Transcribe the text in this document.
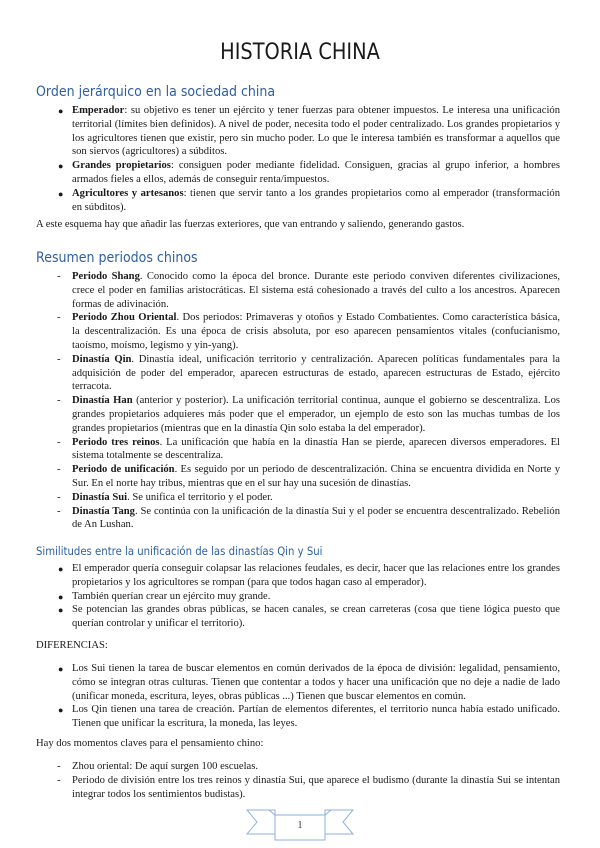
HISTORIA CHINA
Orden jerárquico en la sociedad china
● Emperador: su objetivo es tener un ejército y tener fuerzas para obtener impuestos. Le interesa una unificación territorial (límites bien definidos). A nivel de poder, necesita todo el poder centralizado. Los grandes propietarios y los agricultores tienen que existir, pero sin mucho poder. Lo que le interesa también es transformar a aquellos que son siervos (agricultores) a súbditos.
● Grandes propietarios: consiguen poder mediante fidelidad. Consiguen, gracias al grupo inferior, a hombres armados fieles a ellos, además de conseguir renta/impuestos.
● Agricultores y artesanos: tienen que servir tanto a los grandes propietarios como al emperador (transformación en súbditos).

A este esquema hay que añadir las fuerzas exteriores, que van entrando y saliendo, generando gastos.

Resumen periodos chinos
- Periodo Shang. Conocido como la época del bronce. Durante este periodo conviven diferentes civilizaciones, crece el poder en familias aristocráticas. El sistema está cohesionado a través del culto a los ancestros. Aparecen formas de adivinación.
- Periodo Zhou Oriental. Dos periodos: Primaveras y otoños y Estado Combatientes. Como característica básica, la descentralización. Es una época de crisis absoluta, por eso aparecen pensamientos vitales (confucianismo, taoísmo, moísmo, legismo y yin-yang).
- Dinastía Qin. Dinastía ideal, unificación territorio y centralización. Aparecen políticas fundamentales para la adquisición de poder del emperador, aparecen estructuras de estado, aparecen estructuras de Estado, ejército terracota.
- Dinastía Han (anterior y posterior). La unificación territorial continua, aunque el gobierno se descentraliza. Los grandes propietarios adquieres más poder que el emperador, un ejemplo de esto son las muchas tumbas de los grandes propietarios (mientras que en la dinastía Qin solo estaba la del emperador).
- Periodo tres reinos. La unificación que había en la dinastía Han se pierde, aparecen diversos emperadores. El sistema totalmente se descentraliza.
- Periodo de unificación. Es seguido por un periodo de descentralización. China se encuentra dividida en Norte y Sur. En el norte hay tribus, mientras que en el sur hay una sucesión de dinastías.
- Dinastía Sui. Se unifica el territorio y el poder.
- Dinastía Tang. Se continúa con la unificación de la dinastía Sui y el poder se encuentra descentralizado. Rebelión de An Lushan.
Similitudes entre la unificación de las dinastías Qin y Sui
● El emperador quería conseguir colapsar las relaciones feudales, es decir, hacer que las relaciones entre los grandes propietarios y los agricultores se rompan (para que todos hagan caso al emperador).
● También querían crear un ejército muy grande.
● Se potencian las grandes obras públicas, se hacen canales, se crean carreteras (cosa que tiene lógica puesto que querían controlar y unificar el territorio).

DIFERENCIAS:

● Los Sui tienen la tarea de buscar elementos en común derivados de la época de división: legalidad, pensamiento, cómo se integran otras culturas. Tienen que contentar a todos y hacer una unificación que no deje a nadie de lado (unificar moneda, escritura, leyes, obras públicas ...) Tienen que buscar elementos en común.
● Los Qin tienen una tarea de creación. Partían de elementos diferentes, el territorio nunca había estado unificado. Tienen que unificar la escritura, la moneda, las leyes.

Hay dos momentos claves para el pensamiento chino:

- Zhou oriental: De aquí surgen 100 escuelas.
- Periodo de división entre los tres reinos y dinastía Sui, que aparece el budismo (durante la dinastía Sui se intentan integrar todos los sentimientos budistas).
1
